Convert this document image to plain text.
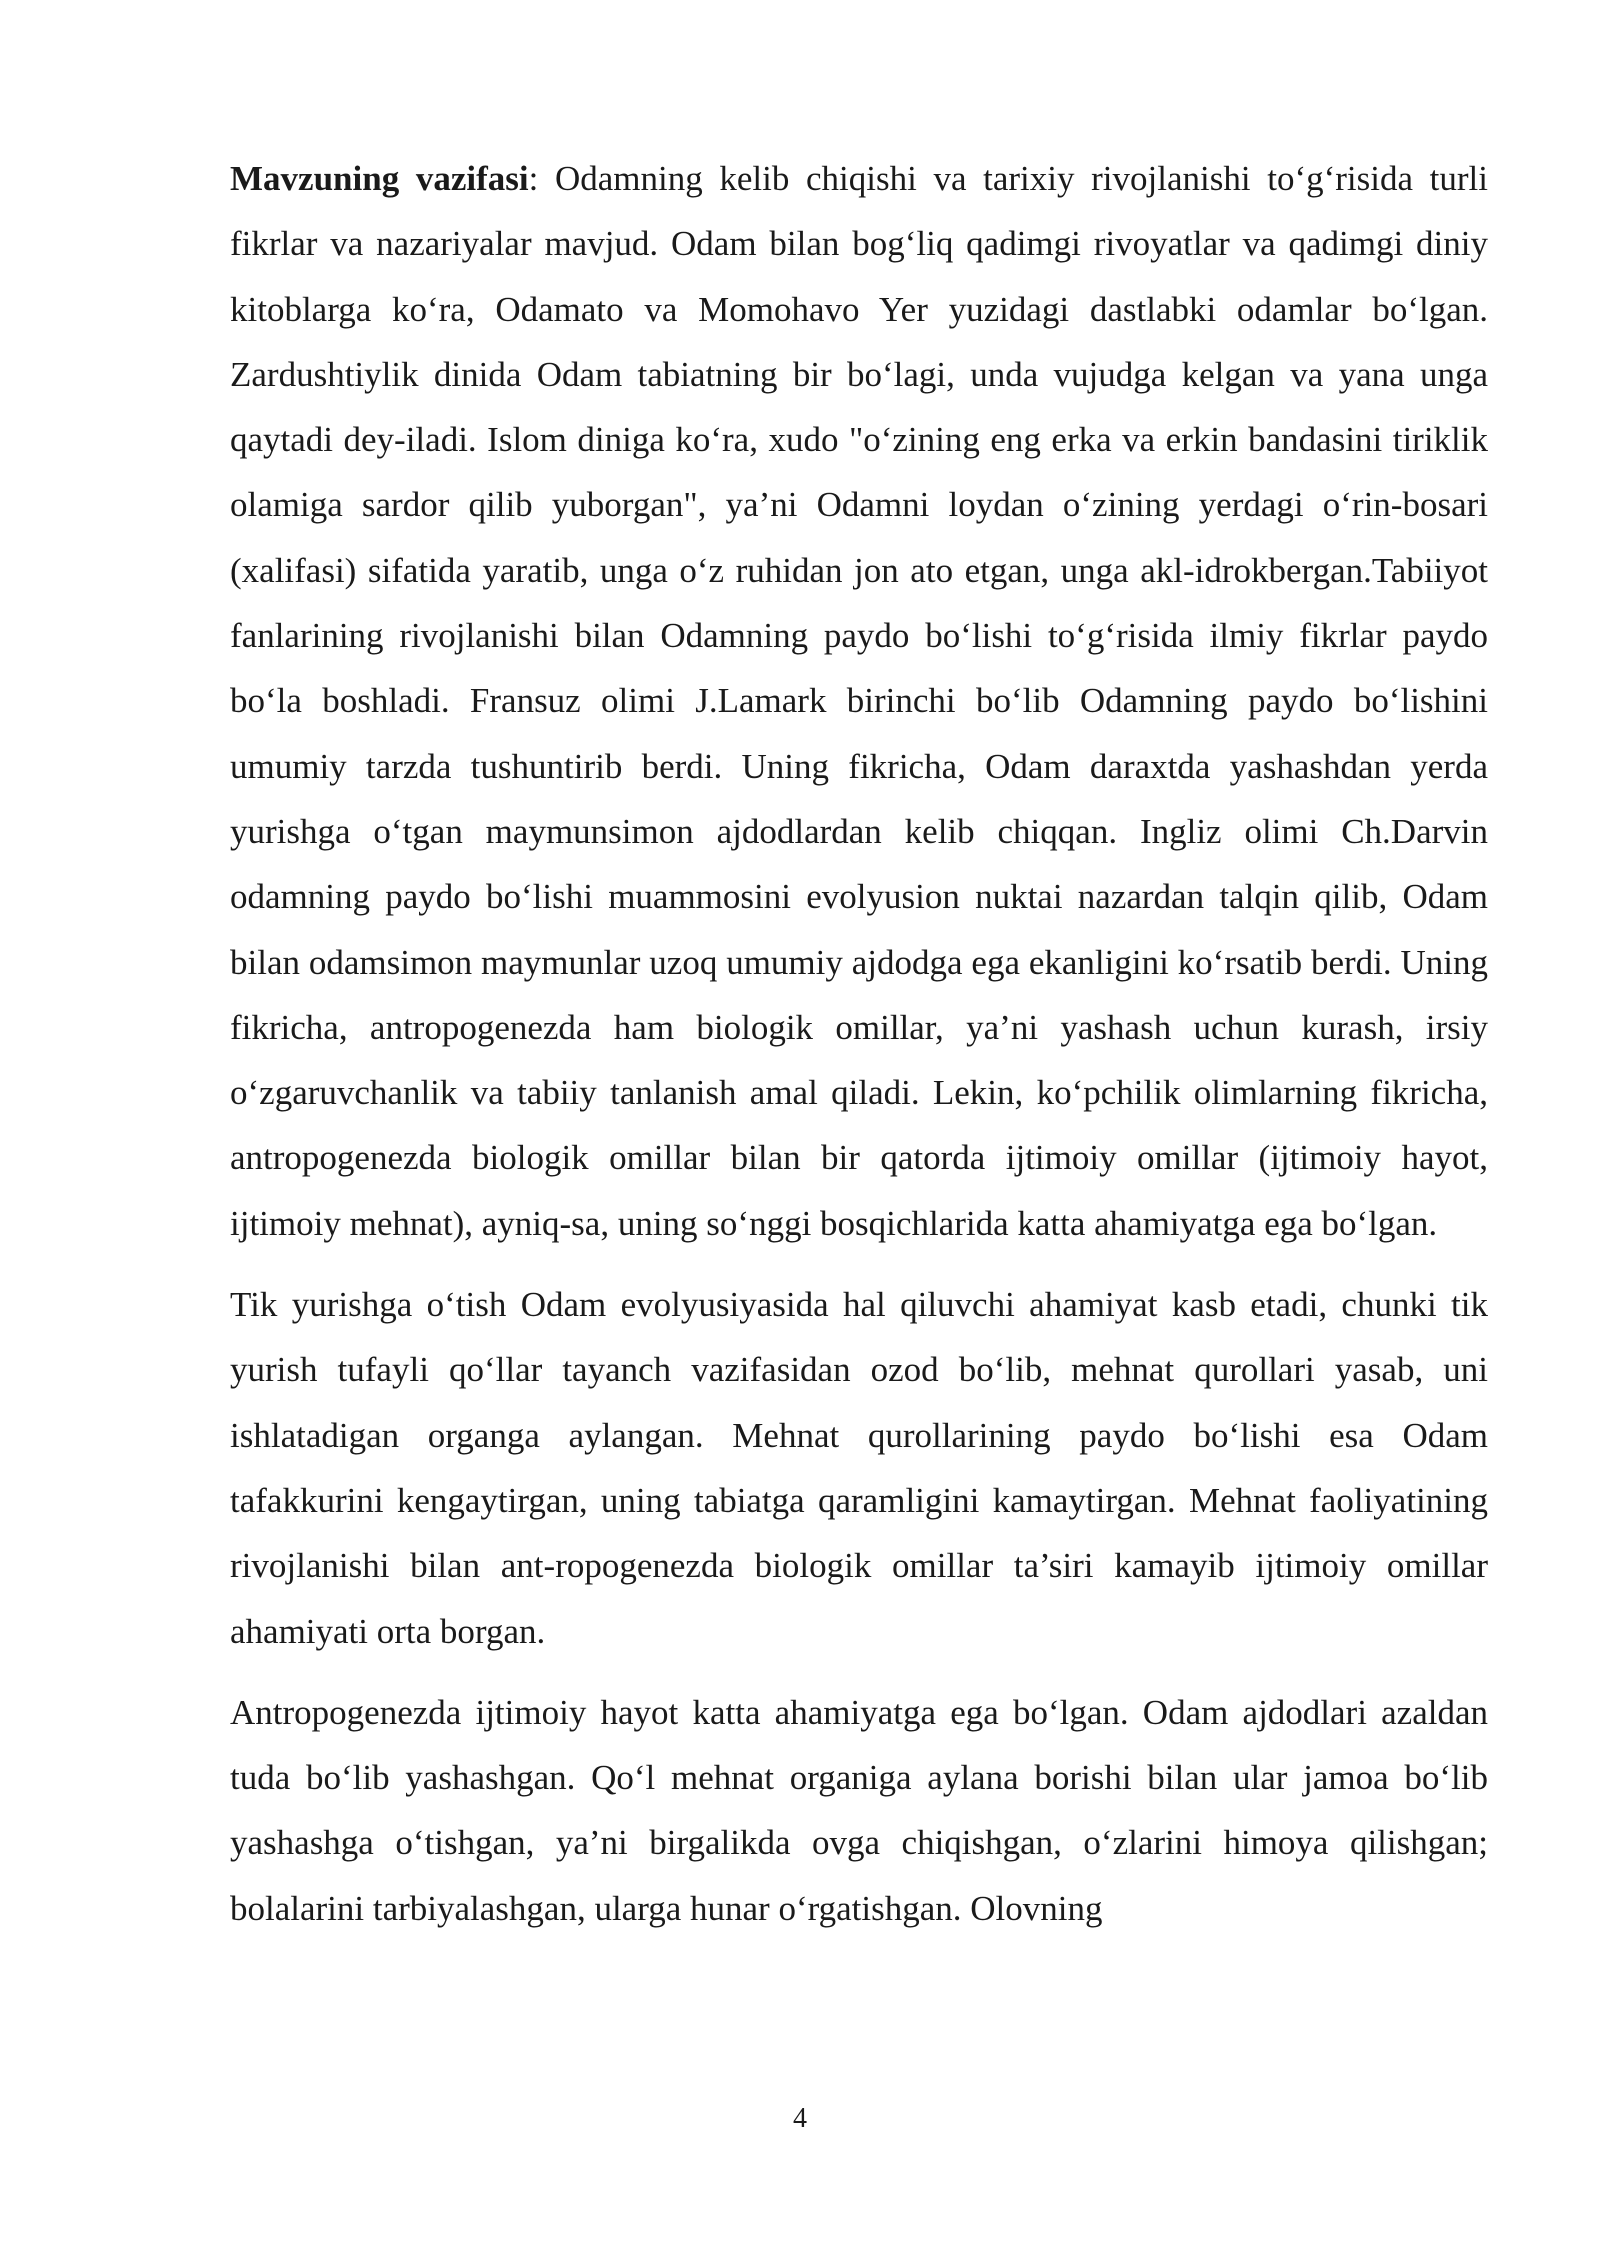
Mavzuning vazifasi: Odamning kelib chiqishi va tarixiy rivojlanishi to‘g‘risida turli fikrlar va nazariyalar mavjud. Odam bilan bog‘liq qadimgi rivoyatlar va qadimgi diniy kitoblarga ko‘ra, Odamato va Momohavo Yer yuzidagi dastlabki odamlar bo‘lgan. Zardushtiylik dinida Odam tabiatning bir bo‘lagi, unda vujudga kelgan va yana unga qaytadi dey-iladi. Islom diniga ko‘ra, xudo "o‘zining eng erka va erkin bandasini tiriklik olamiga sardor qilib yuborgan", ya’ni Odamni loydan o‘zining yerdagi o‘rin-bosari (xalifasi) sifatida yaratib, unga o‘z ruhidan jon ato etgan, unga akl-idrokbergan.Tabiiyot fanlarining rivojlanishi bilan Odamning paydo bo‘lishi to‘g‘risida ilmiy fikrlar paydo bo‘la boshladi. Fransuz olimi J.Lamark birinchi bo‘lib Odamning paydo bo‘lishini umumiy tarzda tushuntirib berdi. Uning fikricha, Odam daraxtda yashashdan yerda yurishga o‘tgan maymunsimon ajdodlardan kelib chiqqan. Ingliz olimi Ch.Darvin odamning paydo bo‘lishi muammosini evolyusion nuktai nazardan talqin qilib, Odam bilan odamsimon maymunlar uzoq umumiy ajdodga ega ekanligini ko‘rsatib berdi. Uning fikricha, antropogenezda ham biologik omillar, ya’ni yashash uchun kurash, irsiy o‘zgaruvchanlik va tabiiy tanlanish amal qiladi. Lekin, ko‘pchilik olimlarning fikricha, antropogenezda biologik omillar bilan bir qatorda ijtimoiy omillar (ijtimoiy hayot, ijtimoiy mehnat), ayniq-sa, uning so‘nggi bosqichlarida katta ahamiyatga ega bo‘lgan.

Tik yurishga o‘tish Odam evolyusiyasida hal qiluvchi ahamiyat kasb etadi, chunki tik yurish tufayli qo‘llar tayanch vazifasidan ozod bo‘lib, mehnat qurollari yasab, uni ishlatadigan organga aylangan. Mehnat qurollarining paydo bo‘lishi esa Odam tafakkurini kengaytirgan, uning tabiatga qaramligini kamaytirgan. Mehnat faoliyatining rivojlanishi bilan ant-ropogenezda biologik omillar ta’siri kamayib ijtimoiy omillar ahamiyati orta borgan.

Antropogenezda ijtimoiy hayot katta ahamiyatga ega bo‘lgan. Odam ajdodlari azaldan tuda bo‘lib yashashgan. Qo‘l mehnat organiga aylana borishi bilan ular jamoa bo‘lib yashashga o‘tishgan, ya’ni birgalikda ovga chiqishgan, o‘zlarini himoya qilishgan; bolalarini tarbiyalashgan, ularga hunar o‘rgatishgan. Olovning

4
